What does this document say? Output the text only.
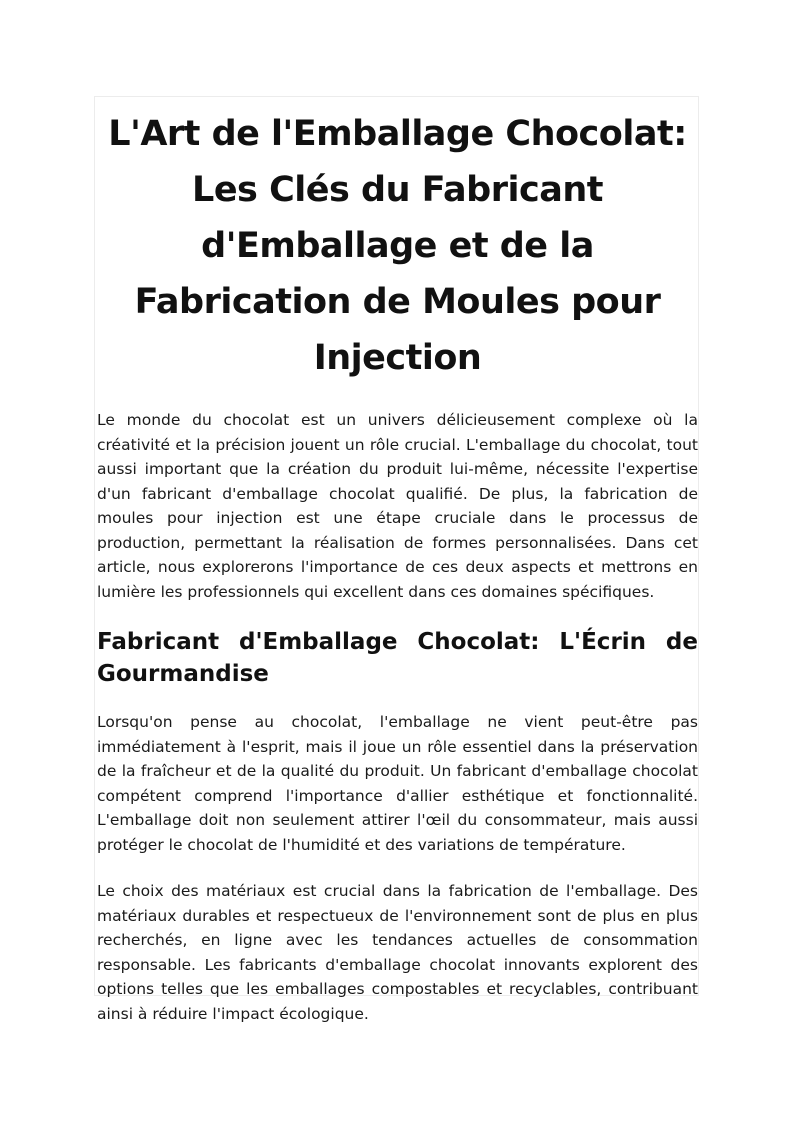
L'Art de l'Emballage Chocolat: Les Clés du Fabricant d'Emballage et de la Fabrication de Moules pour Injection

Le monde du chocolat est un univers délicieusement complexe où la créativité et la précision jouent un rôle crucial. L'emballage du chocolat, tout aussi important que la création du produit lui-même, nécessite l'expertise d'un fabricant d'emballage chocolat qualifié. De plus, la fabrication de moules pour injection est une étape cruciale dans le processus de production, permettant la réalisation de formes personnalisées. Dans cet article, nous explorerons l'importance de ces deux aspects et mettrons en lumière les professionnels qui excellent dans ces domaines spécifiques.

Fabricant d'Emballage Chocolat: L'Écrin de Gourmandise

Lorsqu'on pense au chocolat, l'emballage ne vient peut-être pas immédiatement à l'esprit, mais il joue un rôle essentiel dans la préservation de la fraîcheur et de la qualité du produit. Un fabricant d'emballage chocolat compétent comprend l'importance d'allier esthétique et fonctionnalité. L'emballage doit non seulement attirer l'œil du consommateur, mais aussi protéger le chocolat de l'humidité et des variations de température.

Le choix des matériaux est crucial dans la fabrication de l'emballage. Des matériaux durables et respectueux de l'environnement sont de plus en plus recherchés, en ligne avec les tendances actuelles de consommation responsable. Les fabricants d'emballage chocolat innovants explorent des options telles que les emballages compostables et recyclables, contribuant ainsi à réduire l'impact écologique.
